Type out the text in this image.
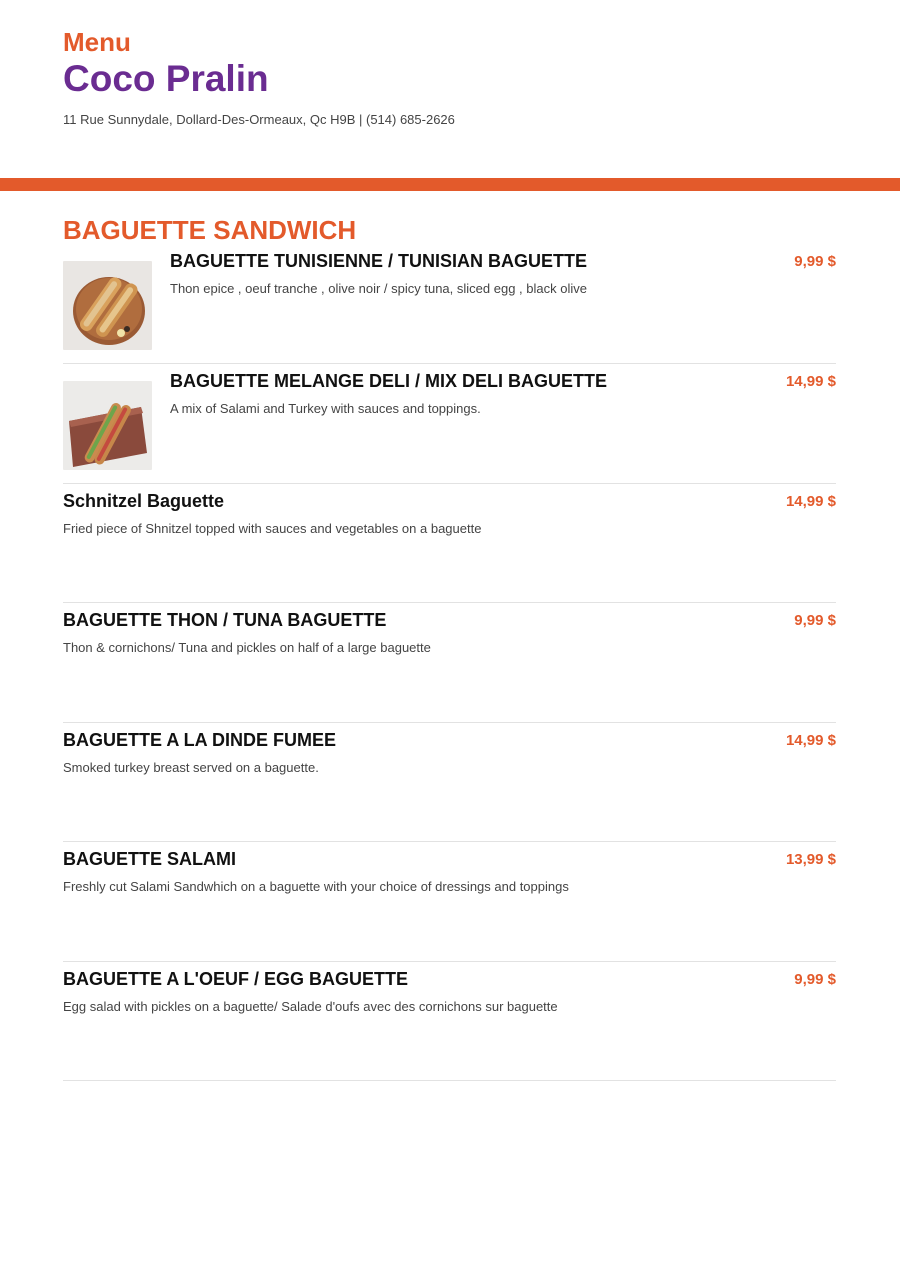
Menu
Coco Pralin
11 Rue Sunnydale, Dollard-Des-Ormeaux, Qc H9B | (514) 685-2626
BAGUETTE SANDWICH
BAGUETTE TUNISIENNE / TUNISIAN BAGUETTE
Thon epice , oeuf tranche , olive noir / spicy tuna, sliced egg , black olive
9,99 $
BAGUETTE MELANGE DELI / MIX DELI BAGUETTE
A mix of Salami and Turkey with sauces and toppings.
14,99 $
Schnitzel Baguette
Fried piece of Shnitzel topped with sauces and vegetables on a baguette
14,99 $
BAGUETTE THON / TUNA BAGUETTE
Thon & cornichons/ Tuna and pickles on half of a large baguette
9,99 $
BAGUETTE A LA DINDE FUMEE
Smoked turkey breast served on a baguette.
14,99 $
BAGUETTE SALAMI
Freshly cut Salami Sandwhich on a baguette with your choice of dressings and toppings
13,99 $
BAGUETTE A L'OEUF / EGG BAGUETTE
Egg salad with pickles on a baguette/ Salade d'oufs avec des cornichons sur baguette
9,99 $
